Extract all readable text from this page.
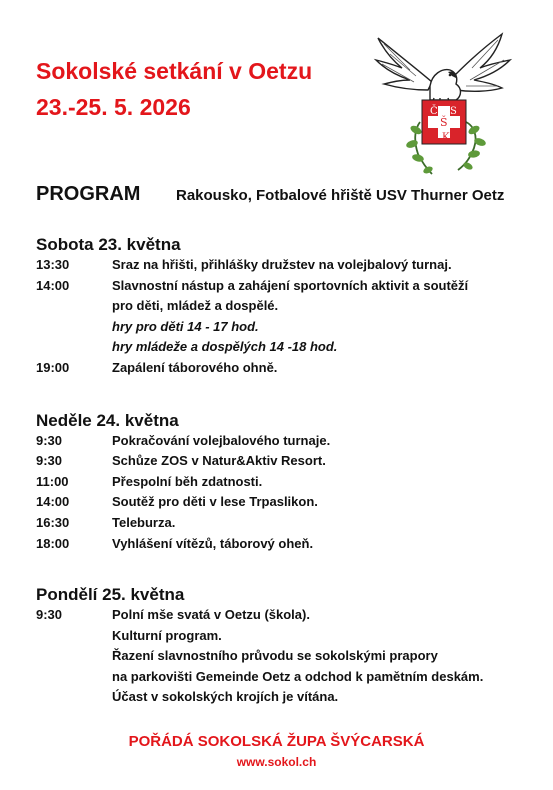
Sokolské setkání v Oetzu
23.-25. 5. 2026	Č S
Š
K
PROGRAM Rakousko, Fotbalové hřiště USV Thurner Oetz
Sobota 23. května
13:30	Sraz na hřišti, přihlášky družstev na volejbalový turnaj.
14:00	Slavnostní nástup a zahájení sportovních aktivit a soutěží
pro děti, mládež a dospělé.
hry pro děti 14 - 17 hod.
hry mládeže a dospělých 14 -18 hod.
19:00	Zapálení táborového ohně.
Neděle 24. května
9:30	Pokračování volejbalového turnaje.
9:30	Schůze ZOS v Natur&Aktiv Resort.
11:00	Přespolní běh zdatnosti.
14:00	Soutěž pro děti v lese Trpaslikon.
16:30	Teleburza.
18:00	Vyhlášení vítězů, táborový oheň.
Pondělí 25. května
9:30	Polní mše svatá v Oetzu (škola).
Kulturní program.
Řazení slavnostního průvodu se sokolskými prapory
na parkovišti Gemeinde Oetz a odchod k pamětním deskám.
Účast v sokolských krojích je vítána.
POŘÁDÁ SOKOLSKÁ ŽUPA ŠVÝCARSKÁ
www.sokol.ch
